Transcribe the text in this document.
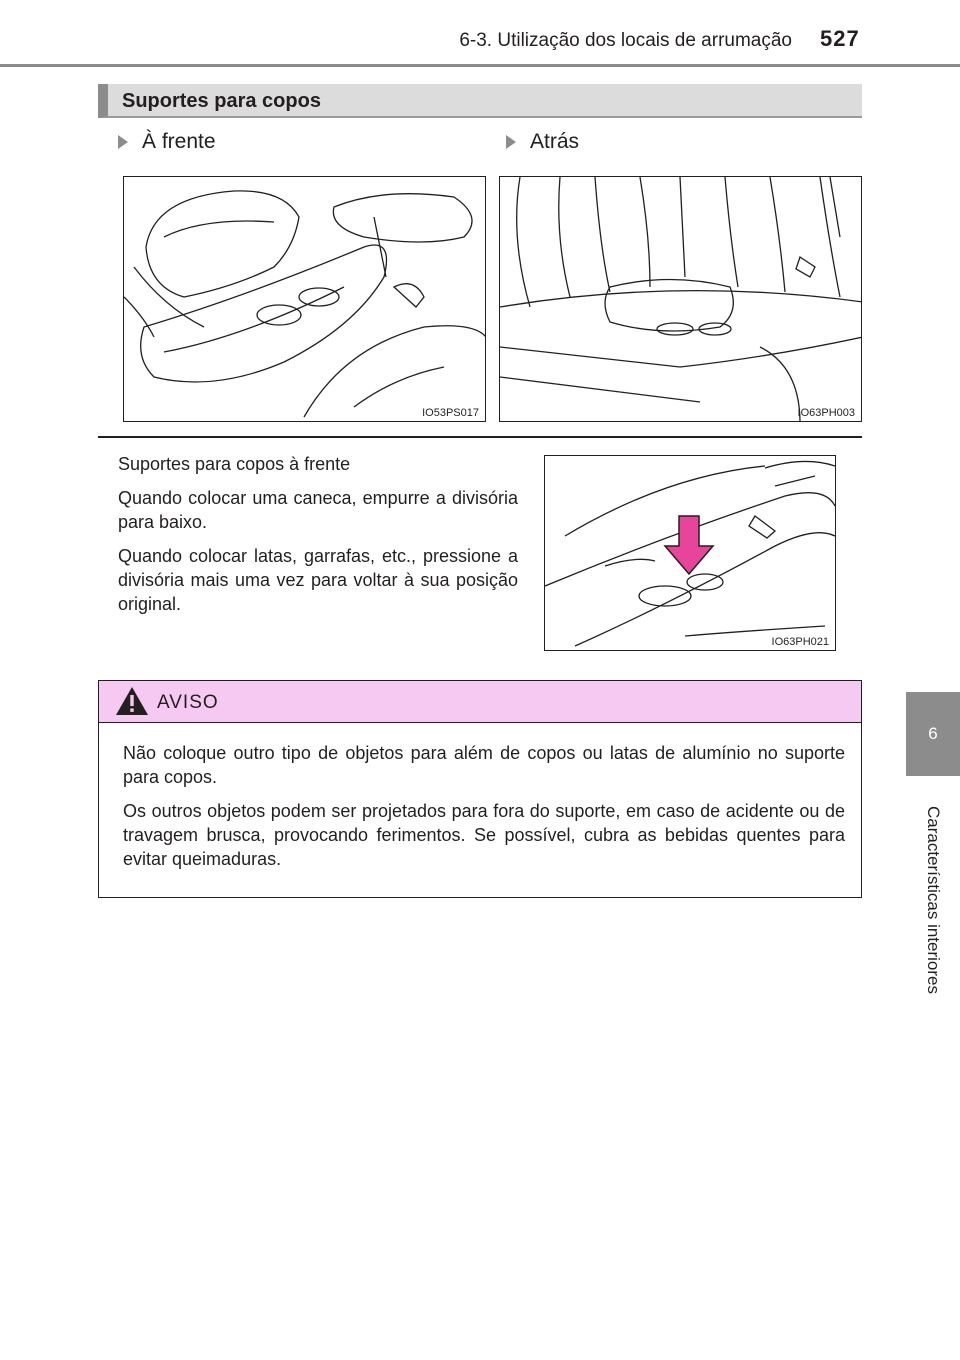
6-3. Utilização dos locais de arrumação 527
6
Características interiores
Suportes para copos
À frente	Atrás
IO53PS017	IO63PH003

Suportes para copos à frente

Quando colocar uma caneca, empurre a divisória para baixo.

Quando colocar latas, garrafas, etc., pressione a divisória mais uma vez para voltar à sua posição original.

IO63PH021
AVISO

Não coloque outro tipo de objetos para além de copos ou latas de alumínio no suporte para copos.

Os outros objetos podem ser projetados para fora do suporte, em caso de acidente ou de travagem brusca, provocando ferimentos. Se possível, cubra as bebidas quentes para evitar queimaduras.
